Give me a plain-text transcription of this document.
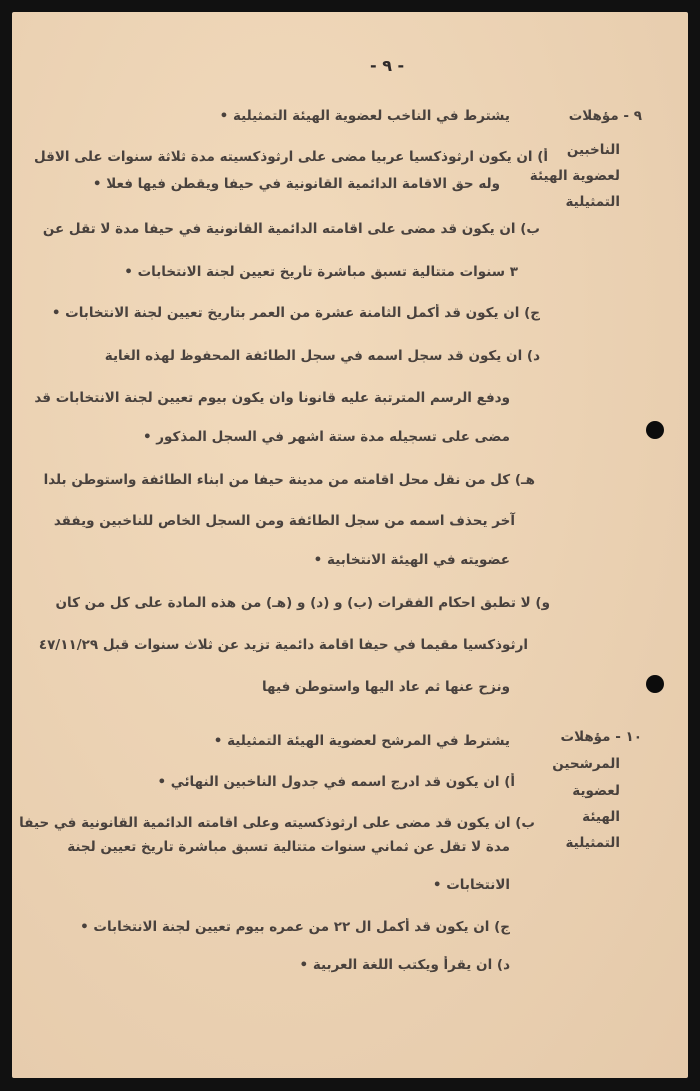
- ٩ -
٩ - مؤهلات
الناخبين
لعضوية الهيئة
التمثيلية
يشترط في الناخب لعضوية الهيئة التمثيلية •
أ) ان يكون ارثوذكسيا عربيا مضى على ارثوذكسيته مدة ثلاثة سنوات على الاقل
وله حق الاقامة الدائمية القانونية في حيفا ويقطن فيها فعلا •
ب) ان يكون قد مضى على اقامته الدائمية القانونية في حيفا مدة لا تقل عن
٣ سنوات متتالية تسبق مباشرة تاريخ تعيين لجنة الانتخابات •
ج) ان يكون قد أكمل الثامنة عشرة من العمر بتاريخ تعيين لجنة الانتخابات •
د) ان يكون قد سجل اسمه في سجل الطائفة المحفوظ لهذه الغاية
ودفع الرسم المترتبة عليه قانونا وان يكون بيوم تعيين لجنة الانتخابات قد
مضى على تسجيله مدة ستة اشهر في السجل المذكور •
هـ) كل من نقل محل اقامته من مدينة حيفا من ابناء الطائفة واستوطن بلدا
آخر يحذف اسمه من سجل الطائفة ومن السجل الخاص للناخبين ويفقد
عضويته في الهيئة الانتخابية •
و) لا تطبق احكام الفقرات (ب) و (د) و (هـ) من هذه المادة على كل من كان
ارثوذكسيا مقيما في حيفا اقامة دائمية تزيد عن ثلاث سنوات قبل ٤٧/١١/٢٩
ونزح عنها ثم عاد اليها واستوطن فيها
١٠ - مؤهلات
المرشحين
لعضوية
الهيئة
التمثيلية
يشترط في المرشح لعضوية الهيئة التمثيلية •
أ) ان يكون قد ادرج اسمه في جدول الناخبين النهائي •
ب) ان يكون قد مضى على ارثوذكسيته وعلى اقامته الدائمية القانونية في حيفا
مدة لا تقل عن ثماني سنوات متتالية تسبق مباشرة تاريخ تعيين لجنة
الانتخابات •
ج) ان يكون قد أكمل ال ٢٢ من عمره بيوم تعيين لجنة الانتخابات •
د) ان يقرأ ويكتب اللغة العربية •
